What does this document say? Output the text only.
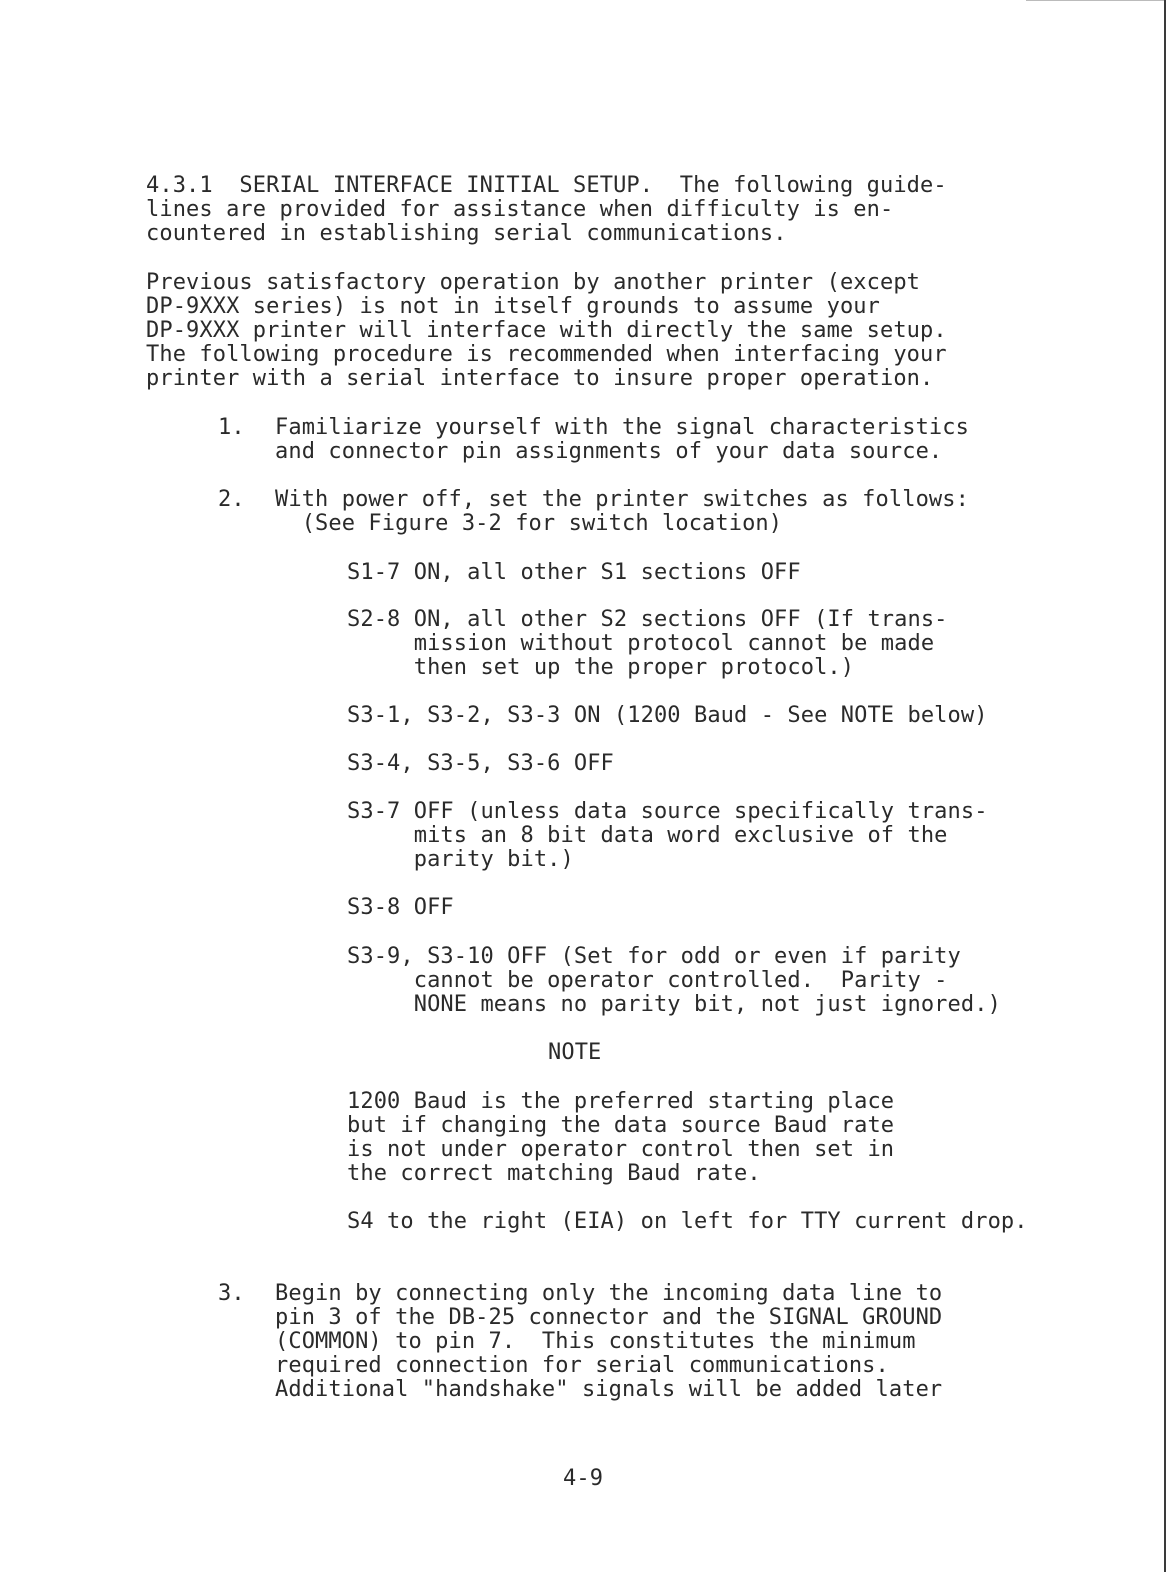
4.3.1  SERIAL INTERFACE INITIAL SETUP.  The following guide-
lines are provided for assistance when difficulty is en-
countered in establishing serial communications.
Previous satisfactory operation by another printer (except
DP-9XXX series) is not in itself grounds to assume your
DP-9XXX printer will interface with directly the same setup.
The following procedure is recommended when interfacing your
printer with a serial interface to insure proper operation.
1. Familiarize yourself with the signal characteristics
and connector pin assignments of your data source.
2. With power off, set the printer switches as follows:
(See Figure 3-2 for switch location)
S1-7 ON, all other S1 sections OFF
S2-8 ON, all other S2 sections OFF (If trans-
mission without protocol cannot be made
then set up the proper protocol.)
S3-1, S3-2, S3-3 ON (1200 Baud - See NOTE below)
S3-4, S3-5, S3-6 OFF
S3-7 OFF (unless data source specifically trans-
mits an 8 bit data word exclusive of the
parity bit.)
S3-8 OFF
S3-9, S3-10 OFF (Set for odd or even if parity
cannot be operator controlled.  Parity -
NONE means no parity bit, not just ignored.)
NOTE
1200 Baud is the preferred starting place
but if changing the data source Baud rate
is not under operator control then set in
the correct matching Baud rate.
S4 to the right (EIA) on left for TTY current drop.
3. Begin by connecting only the incoming data line to
pin 3 of the DB-25 connector and the SIGNAL GROUND
(COMMON) to pin 7.  This constitutes the minimum
required connection for serial communications.
Additional "handshake" signals will be added later
4-9
